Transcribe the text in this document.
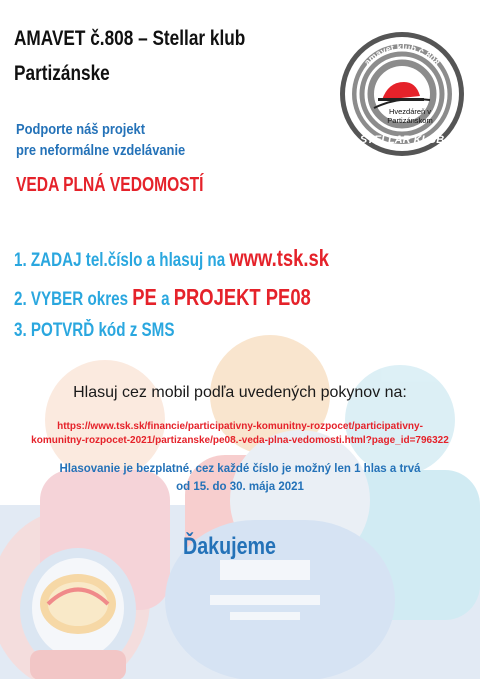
AMAVET č.808 – Stellar klub
Partizánske	amavet klub č.808
Hvezdáreň v
Partizánskom
STELLAR KLUB
Podporte náš projekt
pre neformálne vzdelávanie
VEDA PLNÁ VEDOMOSTÍ
1. ZADAJ tel.číslo a hlasuj na www.tsk.sk
2. VYBER okres PE a PROJEKT PE08
3. POTVRĎ kód z SMS
Hlasuj cez mobil podľa uvedených pokynov na:
https://www.tsk.sk/financie/participativny-komunitny-rozpocet/participativny-
komunitny-rozpocet-2021/partizanske/pe08.-veda-plna-vedomosti.html?page_id=796322
Hlasovanie je bezplatné, cez každé číslo je možný len 1 hlas a trvá
od 15. do 30. mája 2021
Ďakujeme
